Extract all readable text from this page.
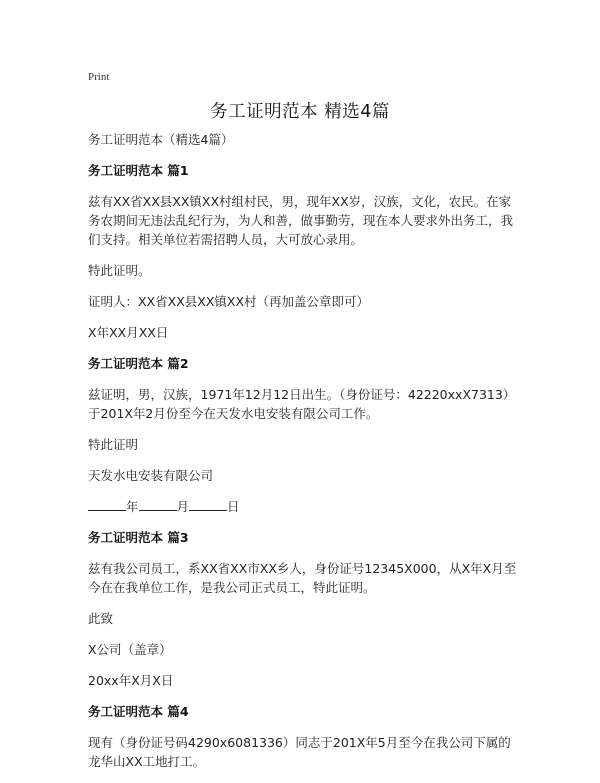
Print
务工证明范本 精选4篇
务工证明范本（精选4篇）
务工证明范本 篇1
兹有XX省XX县XX镇XX村组村民，男，现年XX岁，汉族，文化，农民。在家务农期间无违法乱纪行为，为人和善，做事勤劳，现在本人要求外出务工，我们支持。相关单位若需招聘人员，大可放心录用。
特此证明。
证明人：XX省XX县XX镇XX村（再加盖公章即可）
X年XX月XX日
务工证明范本 篇2
兹证明，男，汉族，1971年12月12日出生。（身份证号：42220xxX7313）于201X年2月份至今在天发水电安装有限公司工作。
特此证明
天发水电安装有限公司
年	月	日
务工证明范本 篇3
兹有我公司员工，系XX省XX市XX乡人，身份证号12345X000，从X年X月至今在在我单位工作，是我公司正式员工，特此证明。
此致
X公司（盖章）
20xx年X月X日
务工证明范本 篇4
现有（身份证号码4290x6081336）同志于201X年5月至今在我公司下属的龙华山XX工地打工。
